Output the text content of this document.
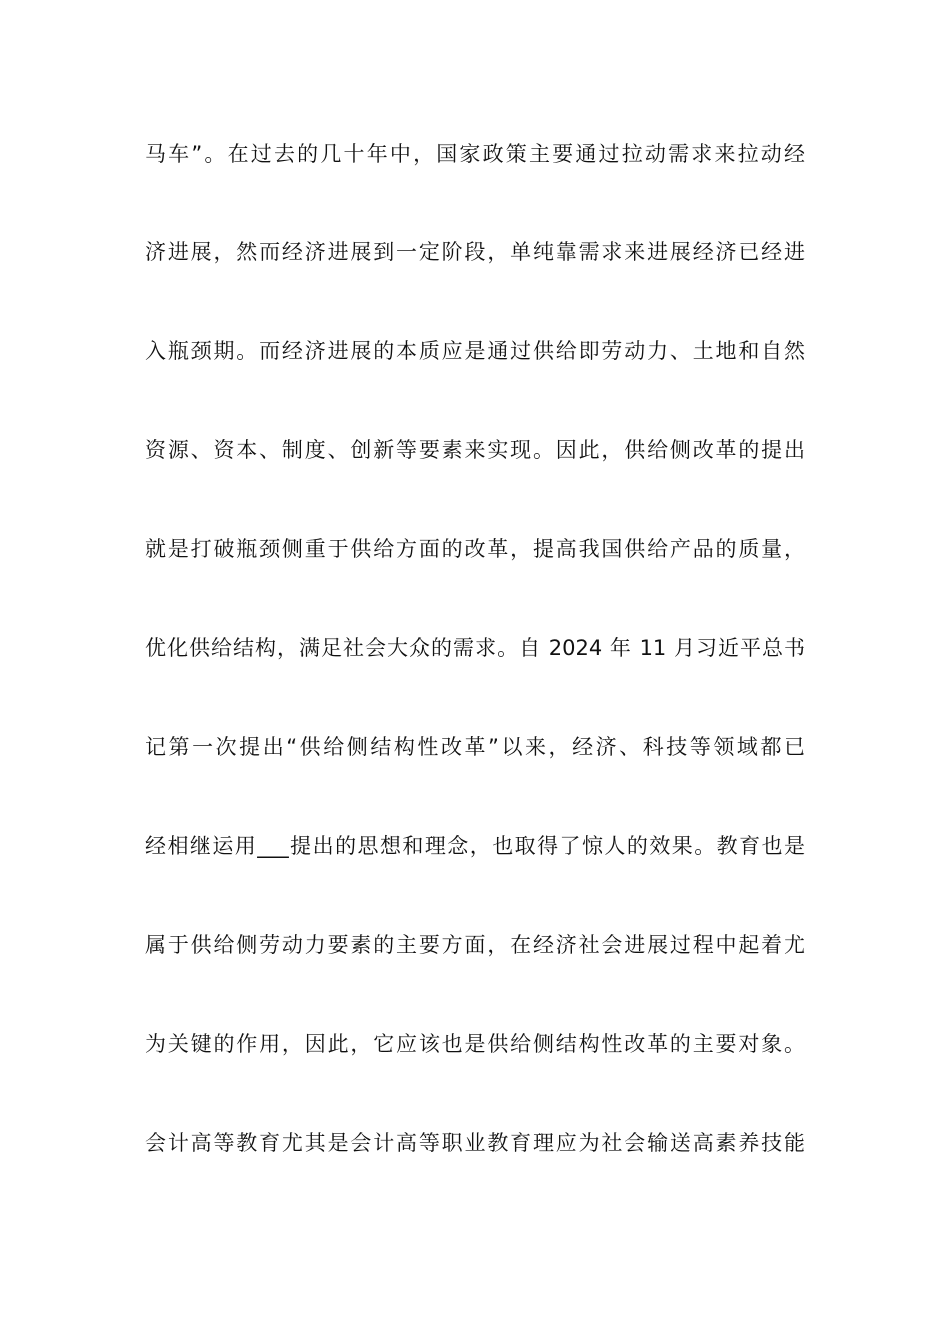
马车”。在过去的几十年中，国家政策主要通过拉动需求来拉动经
济进展，然而经济进展到一定阶段，单纯靠需求来进展经济已经进
入瓶颈期。而经济进展的本质应是通过供给即劳动力、土地和自然
资源、资本、制度、创新等要素来实现。因此，供给侧改革的提出
就是打破瓶颈侧重于供给方面的改革，提高我国供给产品的质量，
优化供给结构，满足社会大众的需求。自 2024 年 11 月习近平总书
记第一次提出“供给侧结构性改革”以来，经济、科技等领域都已
经相继运用___提出的思想和理念，也取得了惊人的效果。教育也是
属于供给侧劳动力要素的主要方面，在经济社会进展过程中起着尤
为关键的作用，因此，它应该也是供给侧结构性改革的主要对象。
会计高等教育尤其是会计高等职业教育理应为社会输送高素养技能
